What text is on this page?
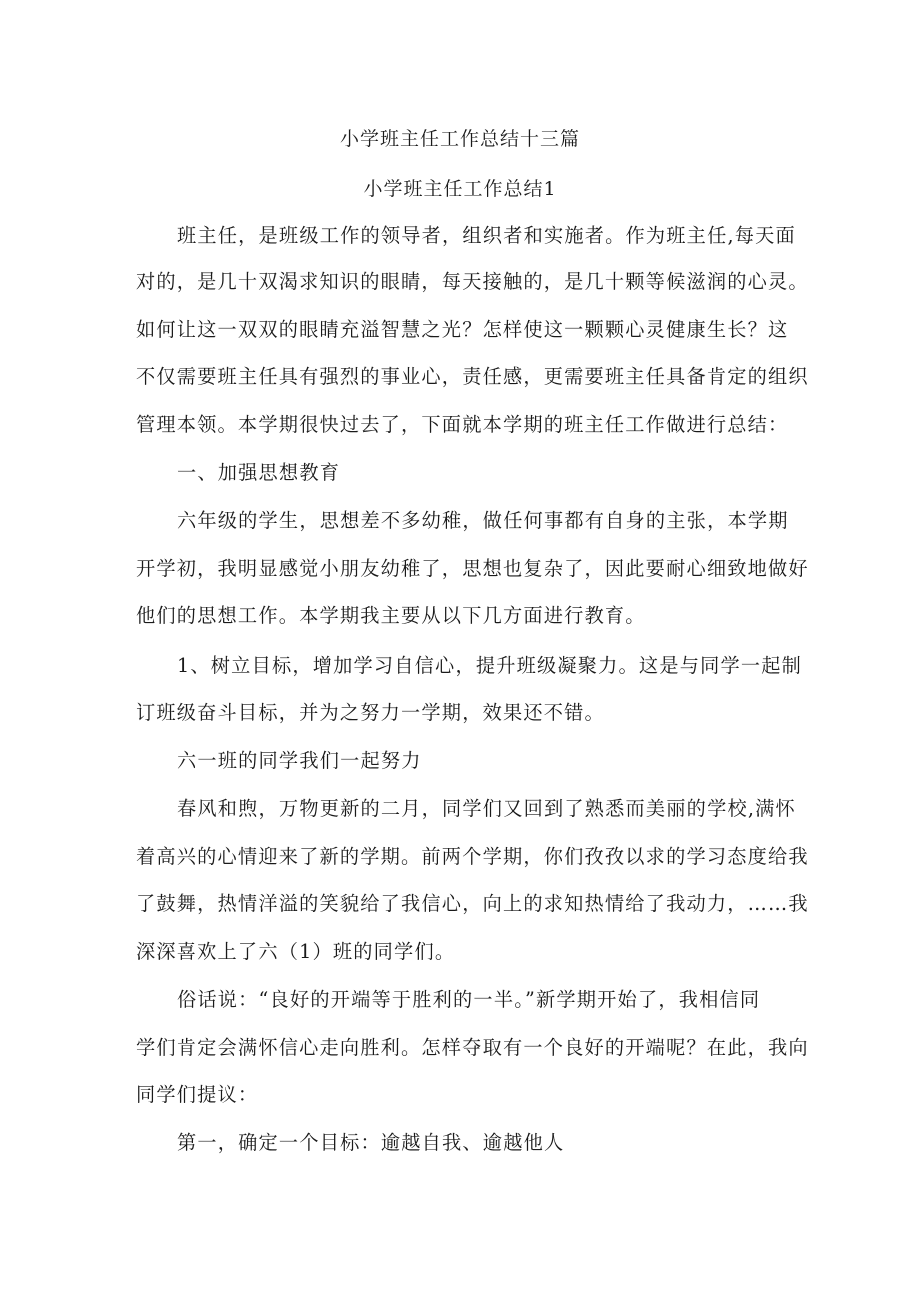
小学班主任工作总结十三篇
小学班主任工作总结1
班主任，是班级工作的领导者，组织者和实施者。作为班主任,每天面
对的，是几十双渴求知识的眼睛，每天接触的，是几十颗等候滋润的心灵。
如何让这一双双的眼睛充溢智慧之光？怎样使这一颗颗心灵健康生长？这
不仅需要班主任具有强烈的事业心，责任感，更需要班主任具备肯定的组织
管理本领。本学期很快过去了，下面就本学期的班主任工作做进行总结：
一、加强思想教育
六年级的学生，思想差不多幼稚，做任何事都有自身的主张，本学期
开学初，我明显感觉小朋友幼稚了，思想也复杂了，因此要耐心细致地做好
他们的思想工作。本学期我主要从以下几方面进行教育。
1、树立目标，增加学习自信心，提升班级凝聚力。这是与同学一起制
订班级奋斗目标，并为之努力一学期，效果还不错。
六一班的同学我们一起努力
春风和煦，万物更新的二月，同学们又回到了熟悉而美丽的学校,满怀
着高兴的心情迎来了新的学期。前两个学期，你们孜孜以求的学习态度给我
了鼓舞，热情洋溢的笑貌给了我信心，向上的求知热情给了我动力，……我
深深喜欢上了六（1）班的同学们。
俗话说：“良好的开端等于胜利的一半。”新学期开始了，我相信同
学们肯定会满怀信心走向胜利。怎样夺取有一个良好的开端呢？在此，我向
同学们提议：
第一，确定一个目标：逾越自我、逾越他人
